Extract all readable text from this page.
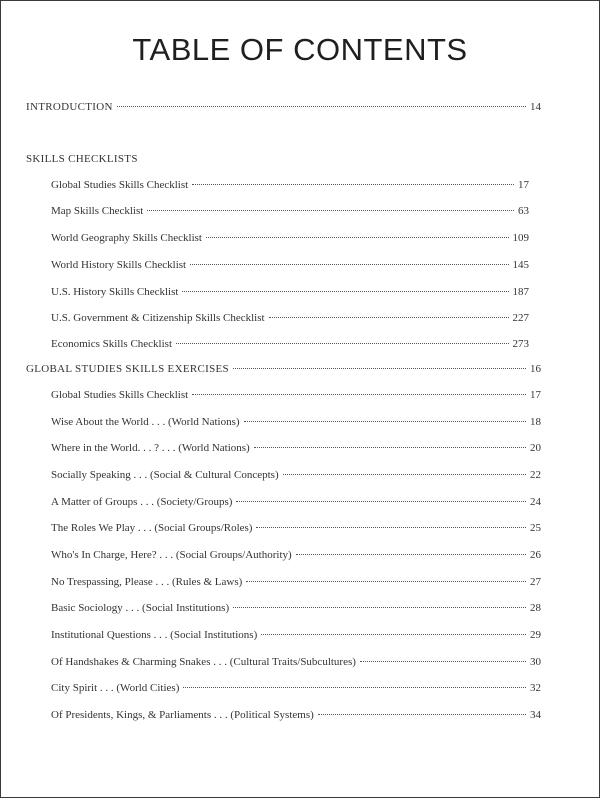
TABLE OF CONTENTS
INTRODUCTION	14
SKILLS CHECKLISTS
Global Studies Skills Checklist	17
Map Skills Checklist	63
World Geography Skills Checklist	109
World History Skills Checklist	145
U.S. History Skills Checklist	187
U.S. Government & Citizenship Skills Checklist	227
Economics Skills Checklist	273
GLOBAL STUDIES SKILLS EXERCISES	16
Global Studies Skills Checklist	17
Wise About the World . . . (World Nations)	18
Where in the World. . . ? . . . (World Nations)	20
Socially Speaking . . . (Social & Cultural Concepts)	22
A Matter of Groups . . . (Society/Groups)	24
The Roles We Play . . . (Social Groups/Roles)	25
Who's In Charge, Here? . . . (Social Groups/Authority)	26
No Trespassing, Please . . . (Rules & Laws)	27
Basic Sociology . . . (Social Institutions)	28
Institutional Questions . . . (Social Institutions)	29
Of Handshakes & Charming Snakes . . . (Cultural Traits/Subcultures)	30
City Spirit . . . (World Cities)	32
Of Presidents, Kings, & Parliaments . . . (Political Systems)	34
